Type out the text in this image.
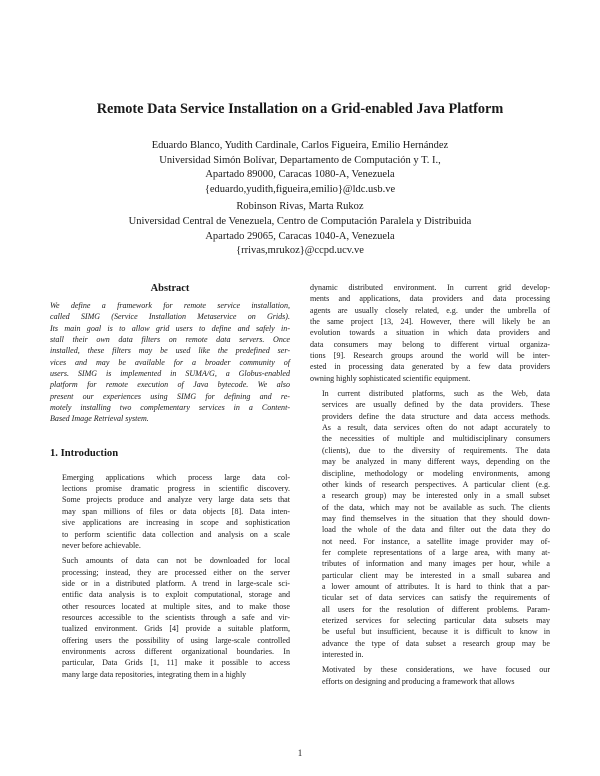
Remote Data Service Installation on a Grid-enabled Java Platform
Eduardo Blanco, Yudith Cardinale, Carlos Figueira, Emilio Hernández
Universidad Simón Bolívar, Departamento de Computación y T. I.,
Apartado 89000, Caracas 1080-A, Venezuela
{eduardo,yudith,figueira,emilio}@ldc.usb.ve
Robinson Rivas, Marta Rukoz
Universidad Central de Venezuela, Centro de Computación Paralela y Distribuida
Apartado 29065, Caracas 1040-A, Venezuela
{rrivas,mrukoz}@ccpd.ucv.ve
Abstract
We define a framework for remote service installation,
called SIMG (Service Installation Metaservice on Grids).
Its main goal is to allow grid users to define and safely in-
stall their own data filters on remote data servers. Once
installed, these filters may be used like the predefined ser-
vices and may be available for a broader community of
users. SIMG is implemented in SUMA/G, a Globus-enabled
platform for remote execution of Java bytecode. We also
present our experiences using SIMG for defining and re-
motely installing two complementary services in a Content-
Based Image Retrieval system.
1. Introduction

Emerging applications which process large data col-
lections promise dramatic progress in scientific discovery.
Some projects produce and analyze very large data sets that
may span millions of files or data objects [8]. Data inten-
sive applications are increasing in scope and sophistication
to perform scientific data collection and analysis on a scale
never before achievable.

Such amounts of data can not be downloaded for local
processing; instead, they are processed either on the server
side or in a distributed platform. A trend in large-scale sci-
entific data analysis is to exploit computational, storage and
other resources located at multiple sites, and to make those
resources accessible to the scientists through a safe and vir-
tualized environment. Grids [4] provide a suitable platform,
offering users the possibility of using large-scale controlled
environments across different organizational boundaries. In
particular, Data Grids [1, 11] make it possible to access
many large data repositories, integrating them in a highly

dynamic distributed environment. In current grid develop-
ments and applications, data providers and data processing
agents are usually closely related, e.g. under the umbrella of
the same project [13, 24]. However, there will likely be an
evolution towards a situation in which data providers and
data consumers may belong to different virtual organiza-
tions [9]. Research groups around the world will be inter-
ested in processing data generated by a few data providers
owning highly sophisticated scientific equipment.

In current distributed platforms, such as the Web, data
services are usually defined by the data providers. These
providers define the data structure and data access methods.
As a result, data services often do not adapt accurately to
the necessities of multiple and multidisciplinary consumers
(clients), due to the diversity of requirements. The data
may be analyzed in many different ways, depending on the
discipline, methodology or modeling environments, among
other kinds of research perspectives. A particular client (e.g.
a research group) may be interested only in a small subset
of the data, which may not be available as such. The clients
may find themselves in the situation that they should down-
load the whole of the data and filter out the data they do
not need. For instance, a satellite image provider may of-
fer complete representations of a large area, with many at-
tributes of information and many images per hour, while a
particular client may be interested in a small subarea and
a lower amount of attributes. It is hard to think that a par-
ticular set of data services can satisfy the requirements of
all users for the resolution of different problems. Param-
eterized services for selecting particular data subsets may
be useful but insufficient, because it is difficult to know in
advance the type of data subset a research group may be
interested in.

Motivated by these considerations, we have focused our
efforts on designing and producing a framework that allows

1
